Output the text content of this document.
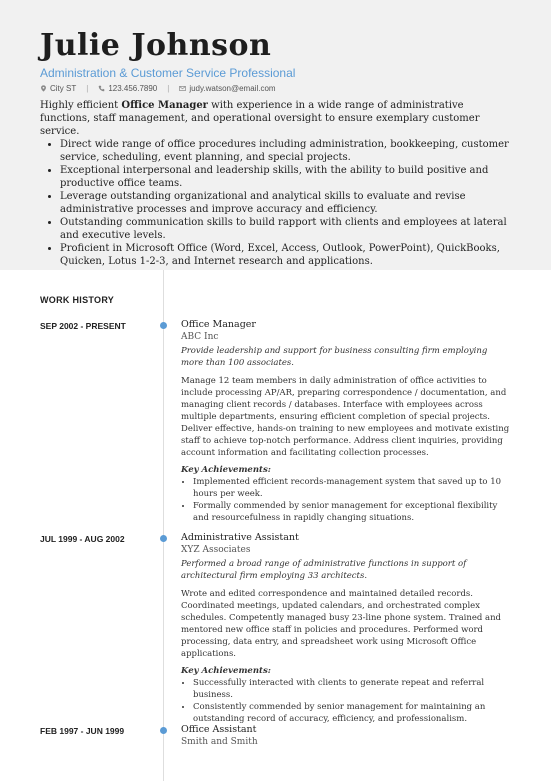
Julie Johnson
Administration & Customer Service Professional
City ST |	123.456.7890 |	judy.watson@email.com

Highly efficient Office Manager with experience in a wide range of administrative functions, staff management, and operational oversight to ensure exemplary customer service.

• Direct wide range of office procedures including administration, bookkeeping, customer service, scheduling, event planning, and special projects.
• Exceptional interpersonal and leadership skills, with the ability to build positive and productive office teams.
• Leverage outstanding organizational and analytical skills to evaluate and revise administrative processes and improve accuracy and efficiency.
• Outstanding communication skills to build rapport with clients and employees at lateral and executive levels.
• Proficient in Microsoft Office (Word, Excel, Access, Outlook, PowerPoint), QuickBooks, Quicken, Lotus 1-2-3, and Internet research and applications.
WORK HISTORY
SEP 2002 - PRESENT	Office Manager

ABC Inc

Provide leadership and support for business consulting firm employing more than 100 associates.

Manage 12 team members in daily administration of office activities to include processing AP/AR, preparing correspondence / documentation, and managing client records / databases. Interface with employees across multiple departments, ensuring efficient completion of special projects. Deliver effective, hands-on training to new employees and motivate existing staff to achieve top-notch performance. Address client inquiries, providing account information and facilitating collection processes.

Key Achievements:

• Implemented efficient records-management system that saved up to 10 hours per week.
• Formally commended by senior management for exceptional flexibility and resourcefulness in rapidly changing situations.
JUL 1999 - AUG 2002	Administrative Assistant

XYZ Associates

Performed a broad range of administrative functions in support of architectural firm employing 33 architects.

Wrote and edited correspondence and maintained detailed records. Coordinated meetings, updated calendars, and orchestrated complex schedules. Competently managed busy 23-line phone system. Trained and mentored new office staff in policies and procedures. Performed word processing, data entry, and spreadsheet work using Microsoft Office applications.

Key Achievements:

• Successfully interacted with clients to generate repeat and referral business.
• Consistently commended by senior management for maintaining an outstanding record of accuracy, efficiency, and professionalism.
FEB 1997 - JUN 1999	Office Assistant

Smith and Smith
